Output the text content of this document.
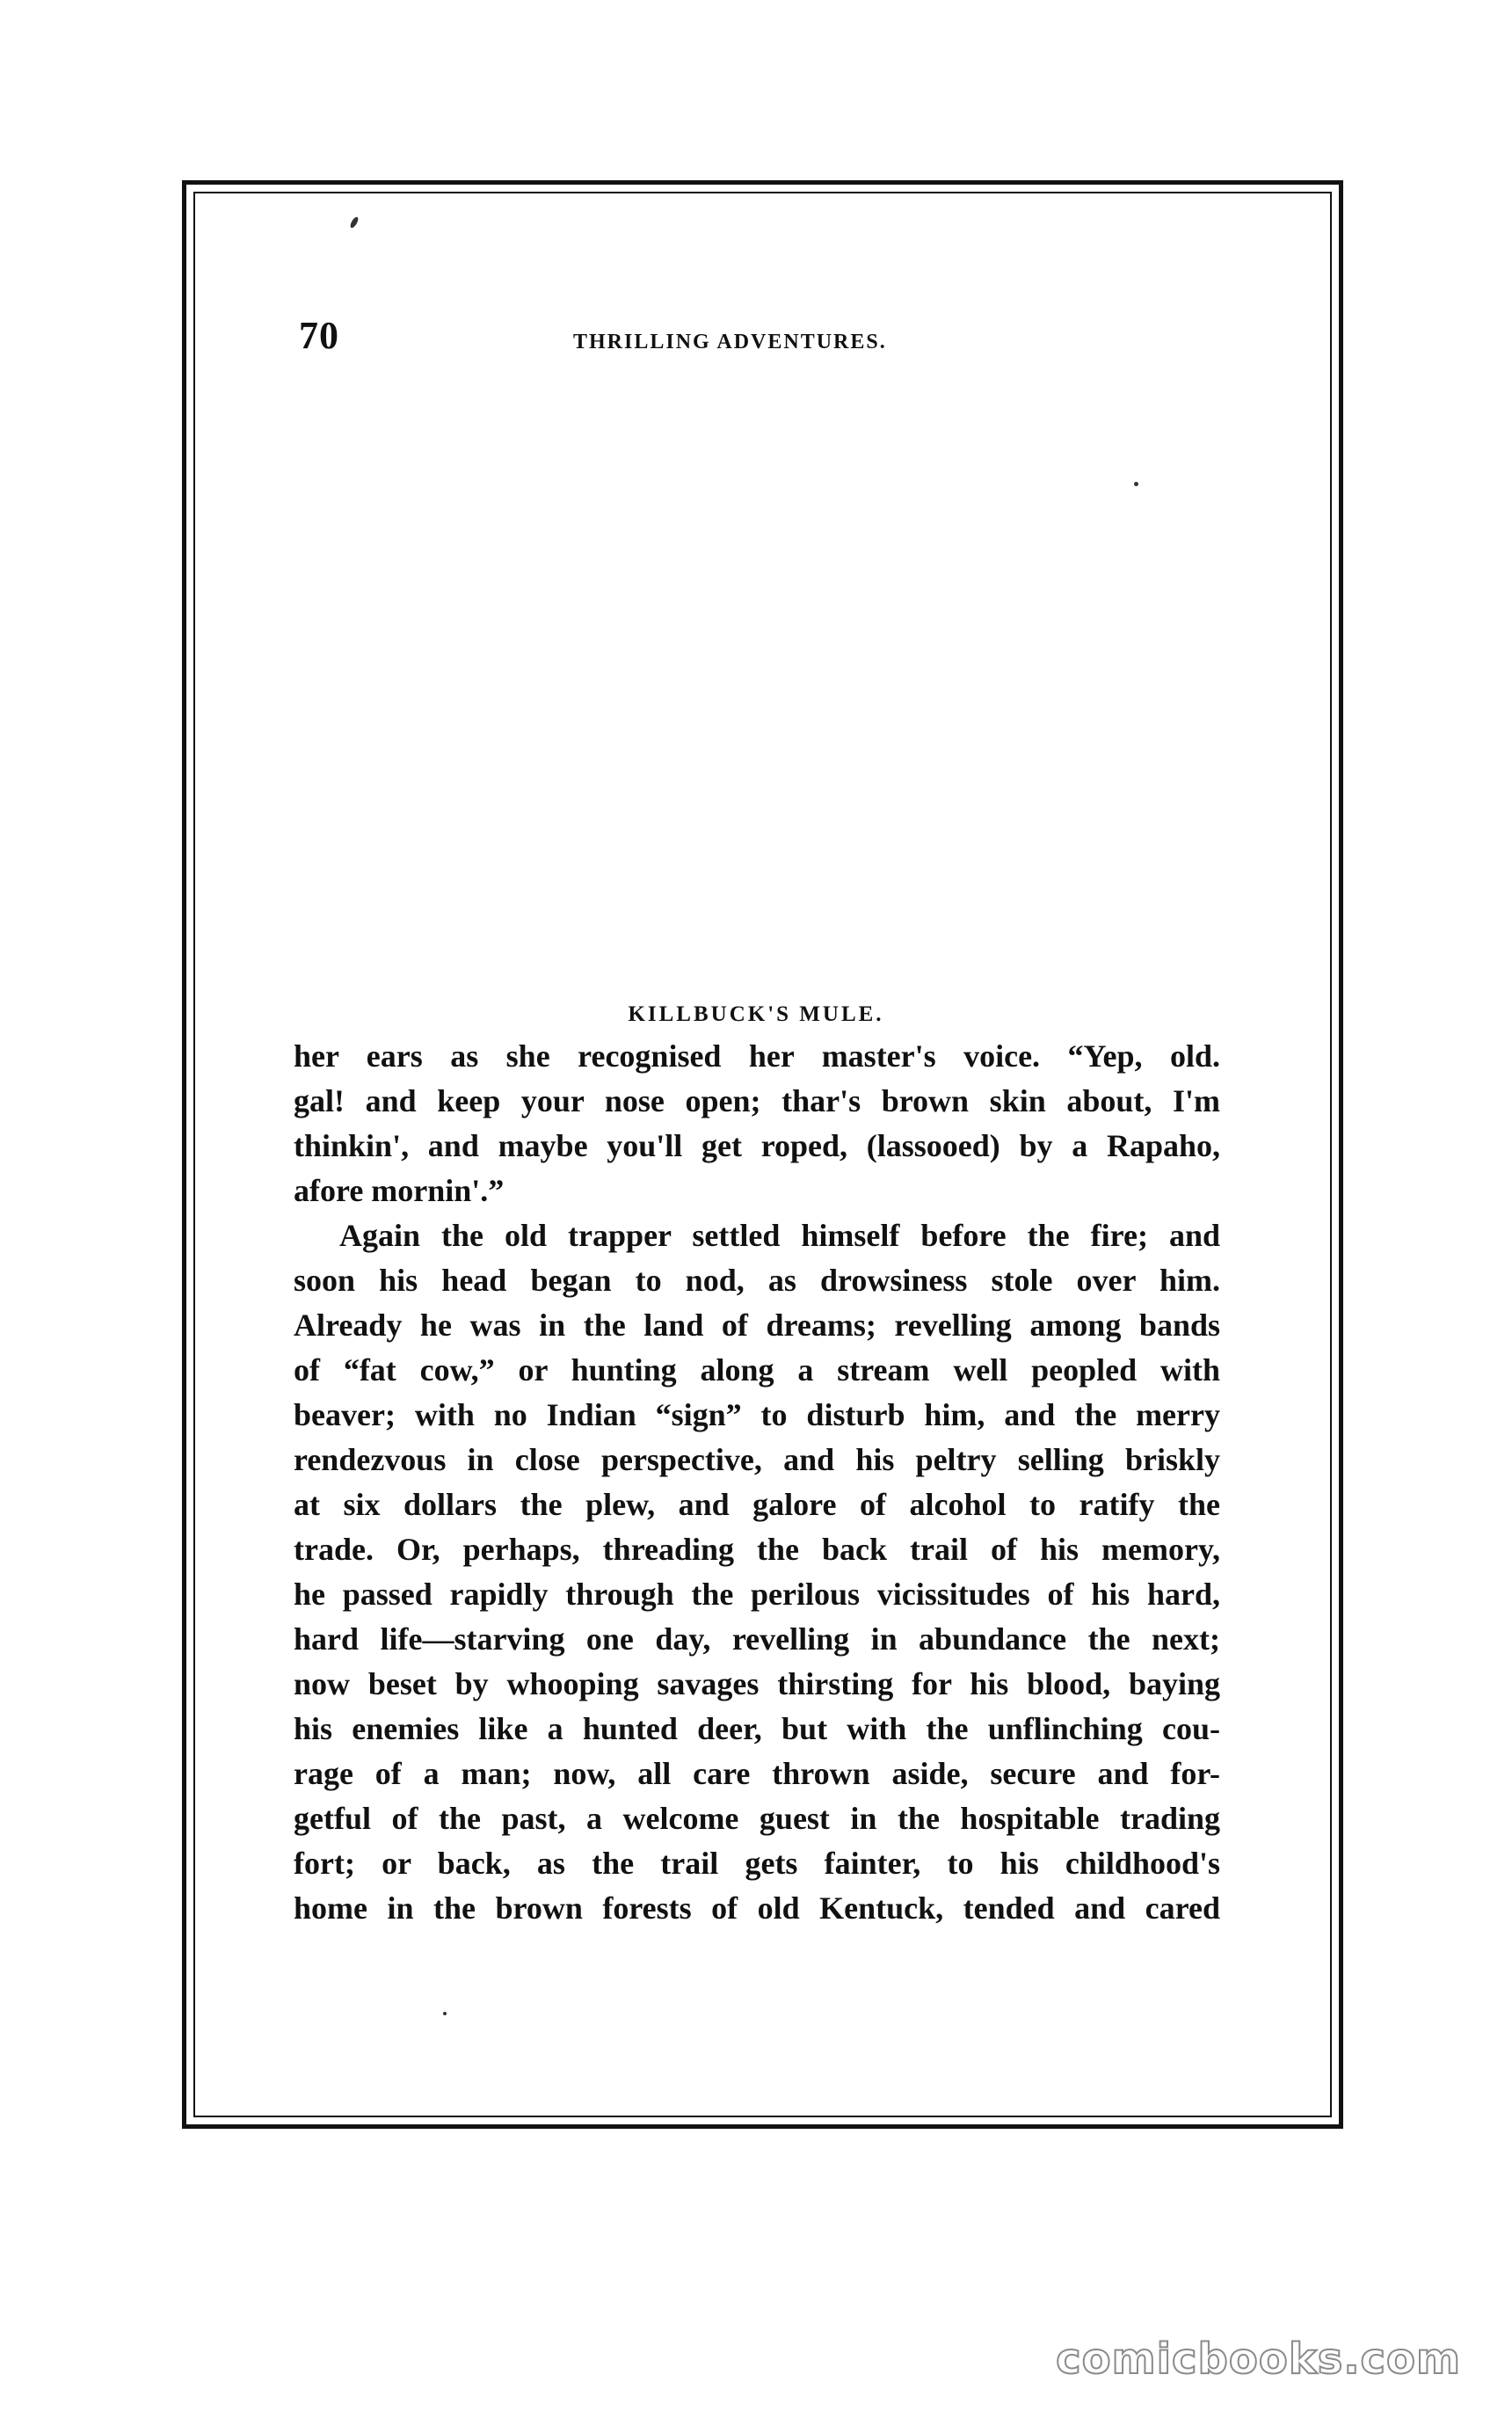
70	THRILLING ADVENTURES.
KILLBUCK'S MULE.
her ears as she recognised her master's voice. “Yep, old.
gal! and keep your nose open; thar's brown skin about, I'm
thinkin', and maybe you'll get roped, (lassooed) by a Rapaho,
afore mornin'.”
Again the old trapper settled himself before the fire; and
soon his head began to nod, as drowsiness stole over him.
Already he was in the land of dreams; revelling among bands
of “fat cow,” or hunting along a stream well peopled with
beaver; with no Indian “sign” to disturb him, and the merry
rendezvous in close perspective, and his peltry selling briskly
at six dollars the plew, and galore of alcohol to ratify the
trade. Or, perhaps, threading the back trail of his memory,
he passed rapidly through the perilous vicissitudes of his hard,
hard life—starving one day, revelling in abundance the next;
now beset by whooping savages thirsting for his blood, baying
his enemies like a hunted deer, but with the unflinching cou-
rage of a man; now, all care thrown aside, secure and for-
getful of the past, a welcome guest in the hospitable trading
fort; or back, as the trail gets fainter, to his childhood's
home in the brown forests of old Kentuck, tended and cared
comicbooks.com
